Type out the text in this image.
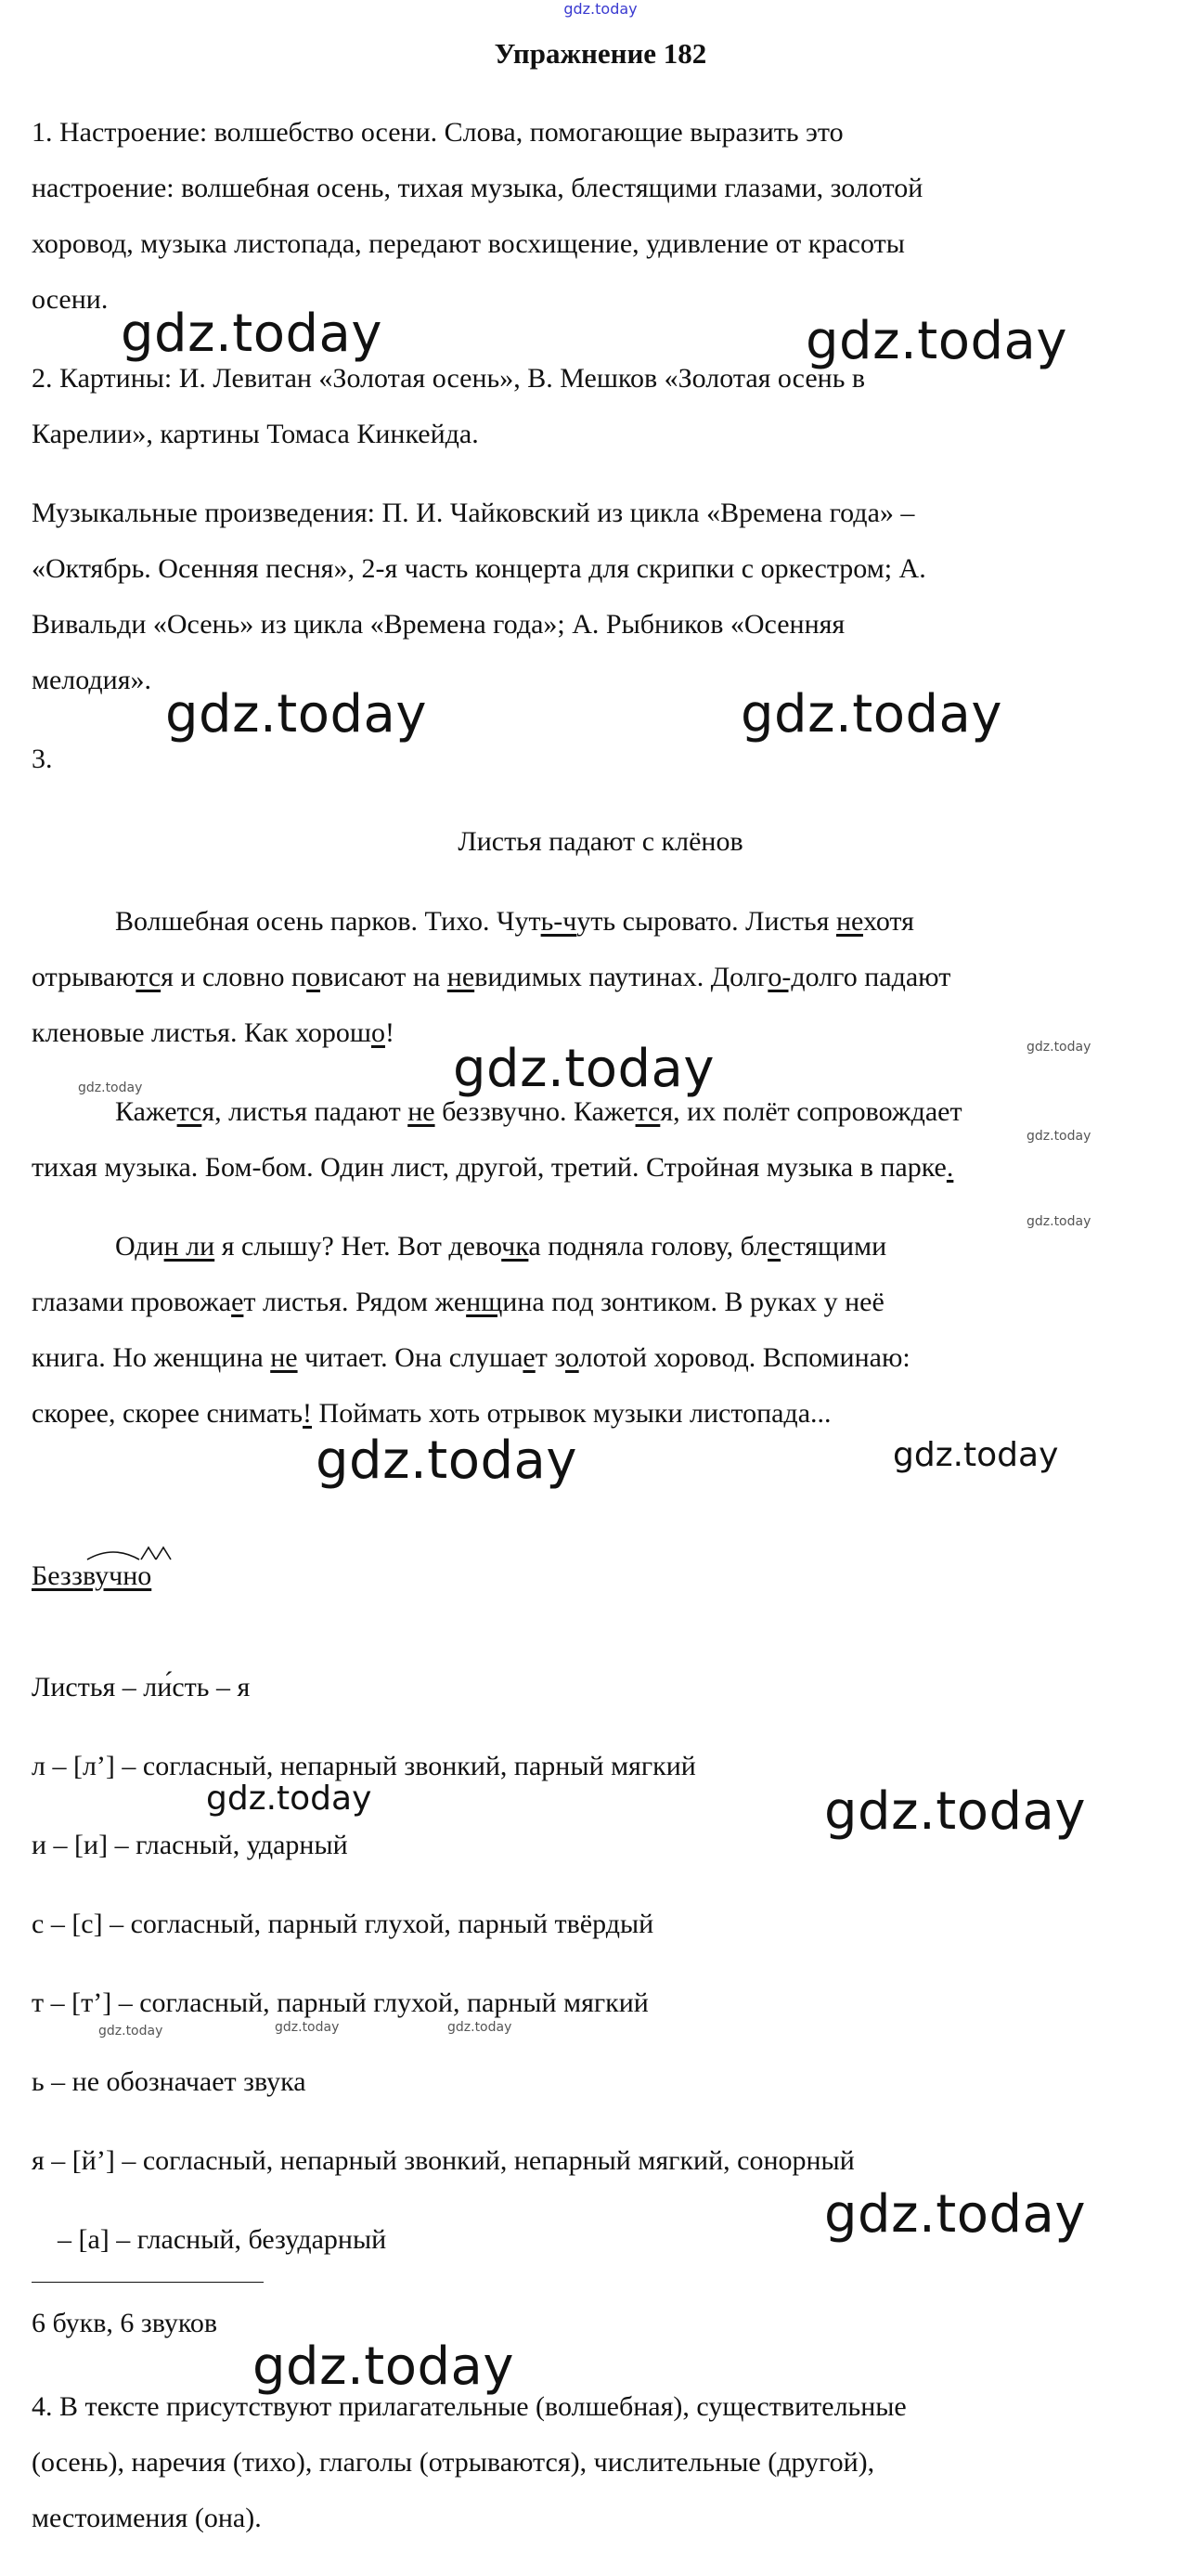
gdz.today
Упражнение 182
1. Настроение: волшебство осени. Слова, помогающие выразить это
настроение: волшебная осень, тихая музыка, блестящими глазами, золотой
хоровод, музыка листопада, передают восхищение, удивление от красоты
осени.
2. Картины: И. Левитан «Золотая осень», В. Мешков «Золотая осень в
Карелии», картины Томаса Кинкейда.
Музыкальные произведения: П. И. Чайковский из цикла «Времена года» –
«Октябрь. Осенняя песня», 2-я часть концерта для скрипки с оркестром; А.
Вивальди «Осень» из цикла «Времена года»; А. Рыбников «Осенняя
мелодия».
3.
Листья падают с клёнов
Волшебная осень парков. Тихо. Чуть-чуть сыровато. Листья нехотя
отрываются и словно повисают на невидимых паутинах. Долго-долго падают
кленовые листья. Как хорошо!
Кажется, листья падают не беззвучно. Кажется, их полёт сопровождает
тихая музыка. Бом-бом. Один лист, другой, третий. Стройная музыка в парке.
Один ли я слышу? Нет. Вот девочка подняла голову, блестящими
глазами провожает листья. Рядом женщина под зонтиком. В руках у неё
книга. Но женщина не читает. Она слушает золотой хоровод. Вспоминаю:
скорее, скорее снимать! Поймать хоть отрывок музыки листопада...
Беззвучно
Листья – ли́сть – я
л – [л’] – согласный, непарный звонкий, парный мягкий
и – [и] – гласный, ударный
с – [с] – согласный, парный глухой, парный твёрдый
т – [т’] – согласный, парный глухой, парный мягкий
ь – не обозначает звука
я – [й’] – согласный, непарный звонкий, непарный мягкий, сонорный
– [а] – гласный, безударный
6 букв, 6 звуков
4. В тексте присутствуют прилагательные (волшебная), существительные
(осень), наречия (тихо), глаголы (отрываются), числительные (другой),
местоимения (она).
gdz.today	gdz.today
gdz.today	gdz.today
gdz.today
gdz.today	gdz.today
gdz.today
gdz.today
gdz.today
gdz.today
gdz.today
gdz.today
gdz.today
gdz.today
gdz.today	gdz.today	gdz.today
